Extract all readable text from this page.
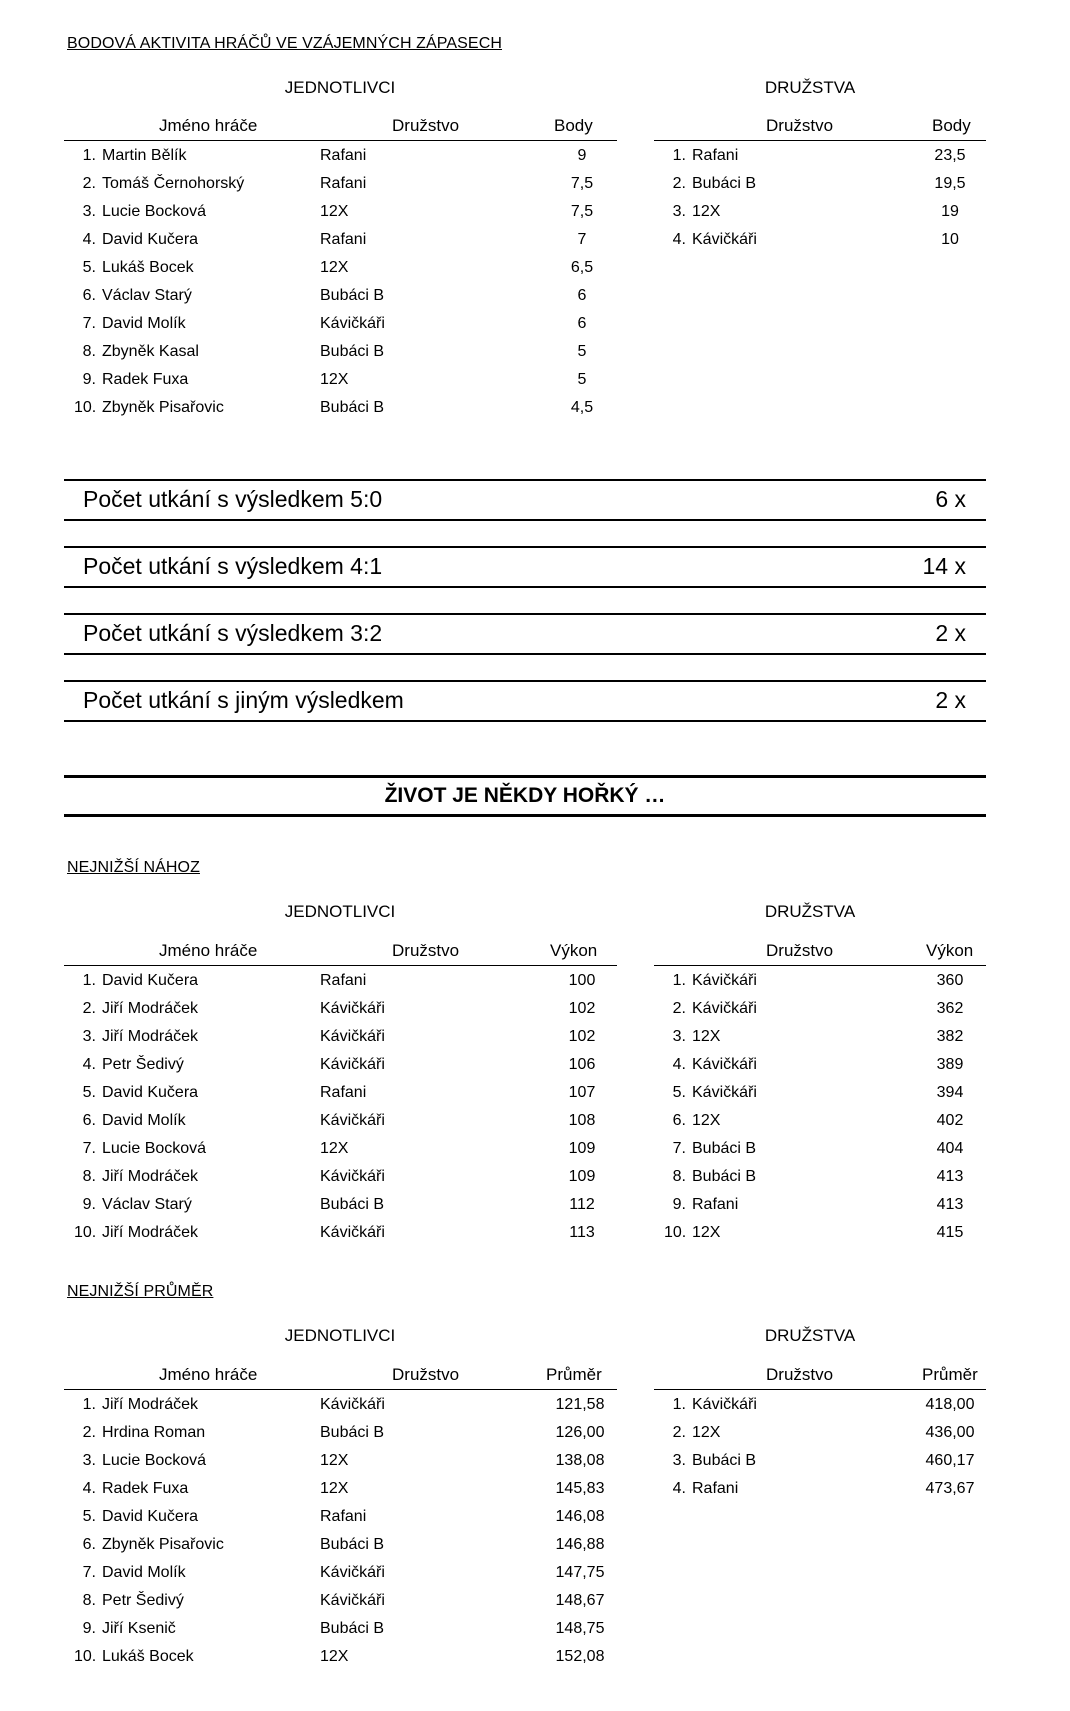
BODOVÁ AKTIVITA HRÁČŮ VE VZÁJEMNÝCH ZÁPASECH
JEDNOTLIVCI	DRUŽSTVA
Jméno hráče	Družstvo	Body
1. Martin Bělík	Rafani	9
2. Tomáš Černohorský	Rafani	7,5
3. Lucie Bocková	12X	7,5
4. David Kučera	Rafani	7
5. Lukáš Bocek	12X	6,5
6. Václav Starý	Bubáci B	6
7. David Molík	Kávičkáři	6
8. Zbyněk Kasal	Bubáci B	5
9. Radek Fuxa	12X	5
10. Zbyněk Pisařovic	Bubáci B	4,5
Družstvo	Body
1. Rafani	23,5
2. Bubáci B	19,5
3. 12X	19
4. Kávičkáři	10
Počet utkání s výsledkem 5:0	6 x
Počet utkání s výsledkem 4:1	14 x
Počet utkání s výsledkem 3:2	2 x
Počet utkání s jiným výsledkem	2 x
ŽIVOT JE NĚKDY HOŘKÝ …
NEJNIŽŠÍ NÁHOZ
JEDNOTLIVCI	DRUŽSTVA
Jméno hráče	Družstvo	Výkon
1. David Kučera	Rafani	100
2. Jiří Modráček	Kávičkáři	102
3. Jiří Modráček	Kávičkáři	102
4. Petr Šedivý	Kávičkáři	106
5. David Kučera	Rafani	107
6. David Molík	Kávičkáři	108
7. Lucie Bocková	12X	109
8. Jiří Modráček	Kávičkáři	109
9. Václav Starý	Bubáci B	112
10. Jiří Modráček	Kávičkáři	113
Družstvo	Výkon
1. Kávičkáři	360
2. Kávičkáři	362
3. 12X	382
4. Kávičkáři	389
5. Kávičkáři	394
6. 12X	402
7. Bubáci B	404
8. Bubáci B	413
9. Rafani	413
10. 12X	415
NEJNIŽŠÍ PRŮMĚR
JEDNOTLIVCI	DRUŽSTVA
Jméno hráče	Družstvo	Průměr
1. Jiří Modráček	Kávičkáři	121,58
2. Hrdina Roman	Bubáci B	126,00
3. Lucie Bocková	12X	138,08
4. Radek Fuxa	12X	145,83
5. David Kučera	Rafani	146,08
6. Zbyněk Pisařovic	Bubáci B	146,88
7. David Molík	Kávičkáři	147,75
8. Petr Šedivý	Kávičkáři	148,67
9. Jiří Ksenič	Bubáci B	148,75
10. Lukáš Bocek	12X	152,08
Družstvo	Průměr
1. Kávičkáři	418,00
2. 12X	436,00
3. Bubáci B	460,17
4. Rafani	473,67
